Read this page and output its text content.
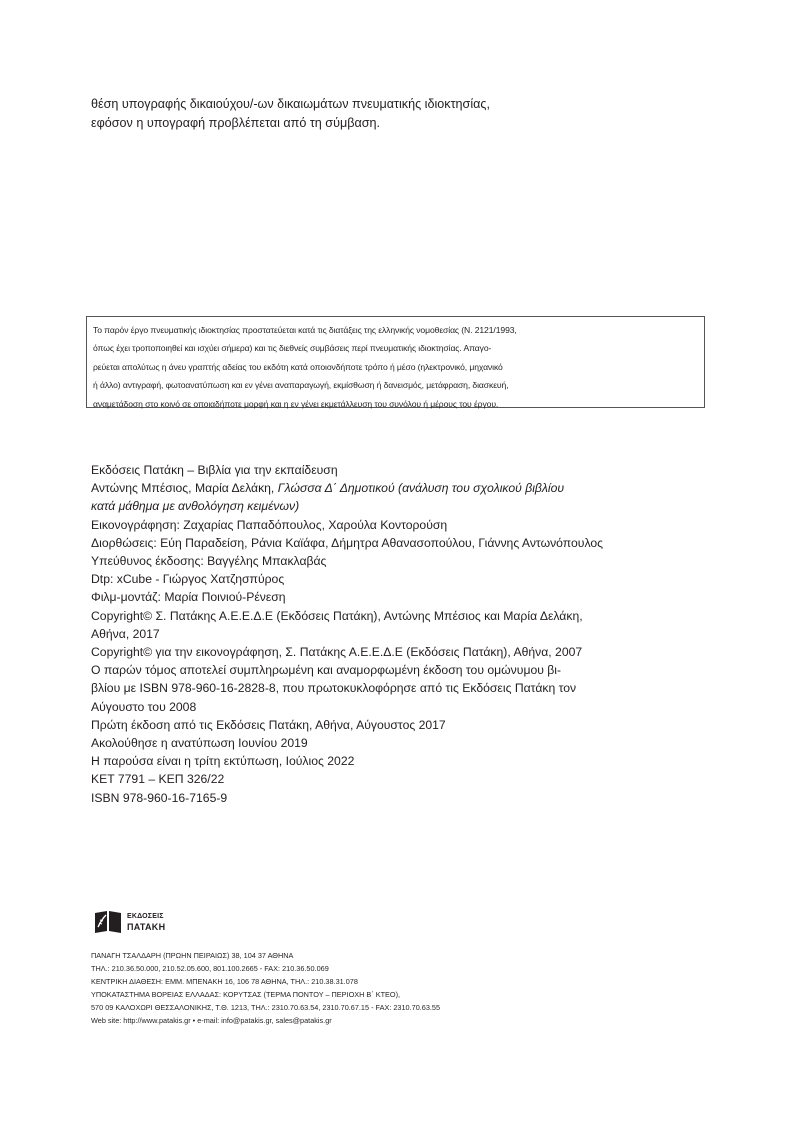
θέση υπογραφής δικαιούχου/-ων δικαιωμάτων πνευματικής ιδιοκτησίας,
εφόσον η υπογραφή προβλέπεται από τη σύμβαση.
Το παρόν έργο πνευματικής ιδιοκτησίας προστατεύεται κατά τις διατάξεις της ελληνικής νομοθεσίας (Ν. 2121/1993,
όπως έχει τροποποιηθεί και ισχύει σήμερα) και τις διεθνείς συμβάσεις περί πνευματικής ιδιοκτησίας. Απαγο-
ρεύεται απολύτως η άνευ γραπτής αδείας του εκδότη κατά οποιονδήποτε τρόπο ή μέσο (ηλεκτρονικό, μηχανικό
ή άλλο) αντιγραφή, φωτοανατύπωση και εν γένει αναπαραγωγή, εκμίσθωση ή δανεισμός, μετάφραση, διασκευή,
αναμετάδοση στο κοινό σε οποιαδήποτε μορφή και η εν γένει εκμετάλλευση του συνόλου ή μέρους του έργου.
Εκδόσεις Πατάκη – Βιβλία για την εκπαίδευση
Αντώνης Μπέσιος, Μαρία Δελάκη, Γλώσσα Δ΄ Δημοτικού (ανάλυση του σχολικού βιβλίου
κατά μάθημα με ανθολόγηση κειμένων)
Εικονογράφηση: Ζαχαρίας Παπαδόπουλος, Χαρούλα Κοντορούση
Διορθώσεις: Εύη Παραδείση, Ράνια Καϊάφα, Δήμητρα Αθανασοπούλου, Γιάννης Αντωνόπουλος
Υπεύθυνος έκδοσης: Βαγγέλης Μπακλαβάς
Dtp: xCube - Γιώργος Χατζησπύρος
Φιλμ-μοντάζ: Μαρία Ποινιού-Ρένεση
Copyright© Σ. Πατάκης Α.Ε.Ε.Δ.Ε (Εκδόσεις Πατάκη), Αντώνης Μπέσιος και Μαρία Δελάκη,
Αθήνα, 2017
Copyright© για την εικονογράφηση, Σ. Πατάκης Α.Ε.Ε.Δ.Ε (Εκδόσεις Πατάκη), Αθήνα, 2007
Ο παρών τόμος αποτελεί συμπληρωμένη και αναμορφωμένη έκδοση του ομώνυμου βι-
βλίου με ISBN 978-960-16-2828-8, που πρωτοκυκλοφόρησε από τις Εκδόσεις Πατάκη τον
Αύγουστο του 2008
Πρώτη έκδοση από τις Εκδόσεις Πατάκη, Αθήνα, Αύγουστος 2017
Ακολούθησε η ανατύπωση Ιουνίου 2019
Η παρούσα είναι η τρίτη εκτύπωση, Ιούλιος 2022
ΚΕΤ 7791 – ΚΕΠ 326/22
ISBN 978-960-16-7165-9
ΕΚΔΟΣΕΙΣ
ΠΑΤΑΚΗ
ΠΑΝΑΓΗ ΤΣΑΛΔΑΡΗ (ΠΡΩΗΝ ΠΕΙΡΑΙΩΣ) 38, 104 37 ΑΘΗΝΑ
ΤΗΛ.: 210.36.50.000, 210.52.05.600, 801.100.2665 - FAX: 210.36.50.069
ΚΕΝΤΡΙΚΗ ΔΙΑΘΕΣΗ: ΕΜΜ. ΜΠΕΝΑΚΗ 16, 106 78 ΑΘΗΝΑ, ΤΗΛ.: 210.38.31.078
ΥΠΟΚΑΤΑΣΤΗΜΑ ΒΟΡΕΙΑΣ ΕΛΛΑΔΑΣ: ΚΟΡΥΤΣΑΣ (ΤΕΡΜΑ ΠΟΝΤΟΥ – ΠΕΡΙΟΧΗ Β΄ ΚΤΕΟ),
570 09 ΚΑΛΟΧΩΡΙ ΘΕΣΣΑΛΟΝΙΚΗΣ, Τ.Θ. 1213, ΤΗΛ.: 2310.70.63.54, 2310.70.67.15 - FAX: 2310.70.63.55
Web site: http://www.patakis.gr • e-mail: info@patakis.gr, sales@patakis.gr
